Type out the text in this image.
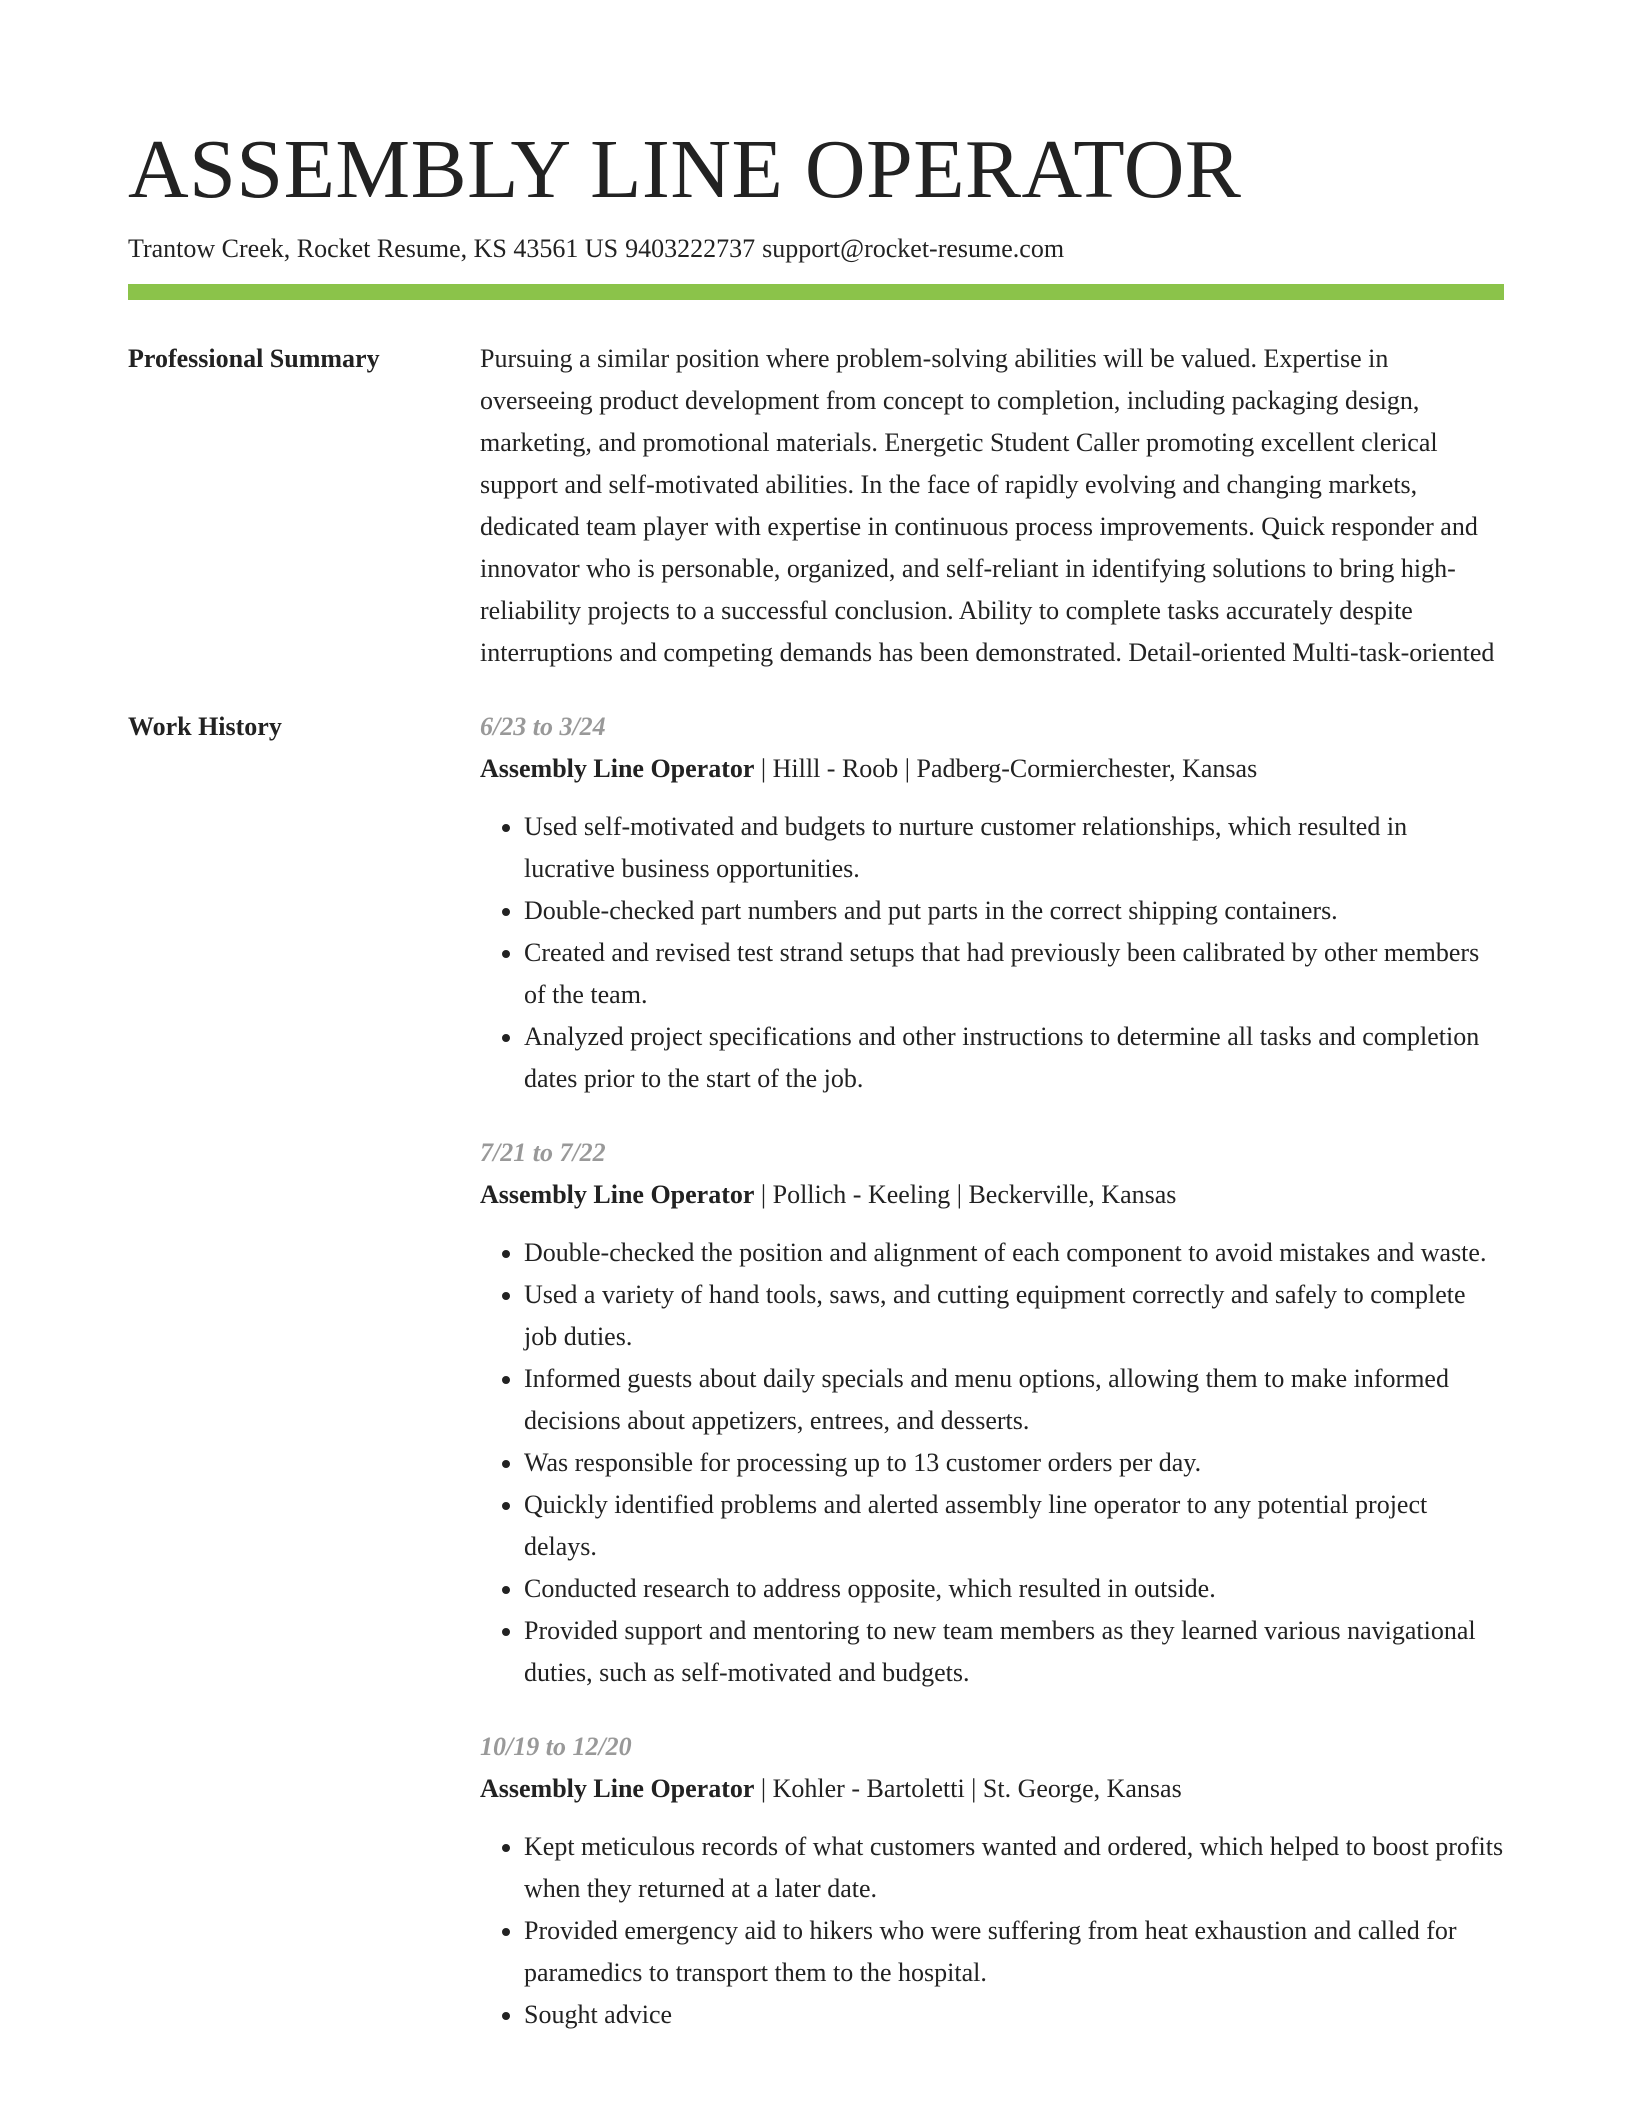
ASSEMBLY LINE OPERATOR
Trantow Creek, Rocket Resume, KS 43561 US 9403222737 support@rocket-resume.com
Professional Summary	Pursuing a similar position where problem-solving abilities will be valued. Expertise in overseeing product development from concept to completion, including packaging design, marketing, and promotional materials. Energetic Student Caller promoting excellent clerical support and self-motivated abilities. In the face of rapidly evolving and changing markets, dedicated team player with expertise in continuous process improvements. Quick responder and innovator who is personable, organized, and self-reliant in identifying solutions to bring high-reliability projects to a successful conclusion. Ability to complete tasks accurately despite interruptions and competing demands has been demonstrated. Detail-oriented Multi-task-oriented

Work History	6/23 to 3/24
Assembly Line Operator | Hilll - Roob | Padberg-Cormierchester, Kansas
• Used self-motivated and budgets to nurture customer relationships, which resulted in lucrative business opportunities.
• Double-checked part numbers and put parts in the correct shipping containers.
• Created and revised test strand setups that had previously been calibrated by other members of the team.
• Analyzed project specifications and other instructions to determine all tasks and completion dates prior to the start of the job.
7/21 to 7/22
Assembly Line Operator | Pollich - Keeling | Beckerville, Kansas
• Double-checked the position and alignment of each component to avoid mistakes and waste.
• Used a variety of hand tools, saws, and cutting equipment correctly and safely to complete job duties.
• Informed guests about daily specials and menu options, allowing them to make informed decisions about appetizers, entrees, and desserts.
• Was responsible for processing up to 13 customer orders per day.
• Quickly identified problems and alerted assembly line operator to any potential project delays.
• Conducted research to address opposite, which resulted in outside.
• Provided support and mentoring to new team members as they learned various navigational duties, such as self-motivated and budgets.
10/19 to 12/20
Assembly Line Operator | Kohler - Bartoletti | St. George, Kansas
• Kept meticulous records of what customers wanted and ordered, which helped to boost profits when they returned at a later date.
• Provided emergency aid to hikers who were suffering from heat exhaustion and called for paramedics to transport them to the hospital.
• Sought advice
